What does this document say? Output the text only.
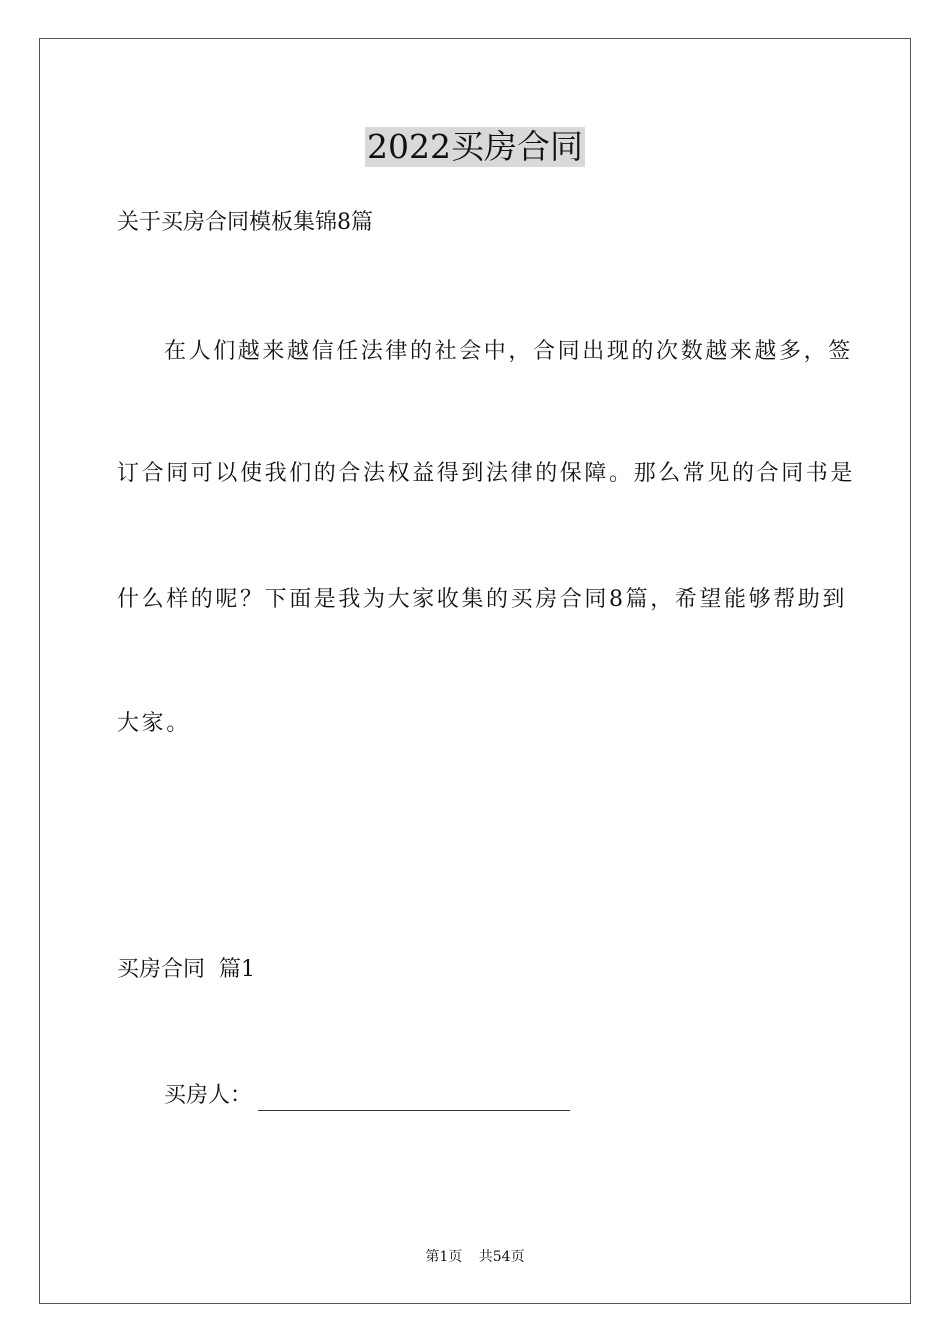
2022买房合同
关于买房合同模板集锦8篇
在人们越来越信任法律的社会中，合同出现的次数越来越多，签
订合同可以使我们的合法权益得到法律的保障。那么常见的合同书是
什么样的呢？下面是我为大家收集的买房合同8篇，希望能够帮助到
大家。
买房合同  篇1
买房人：
第1页 共54页
